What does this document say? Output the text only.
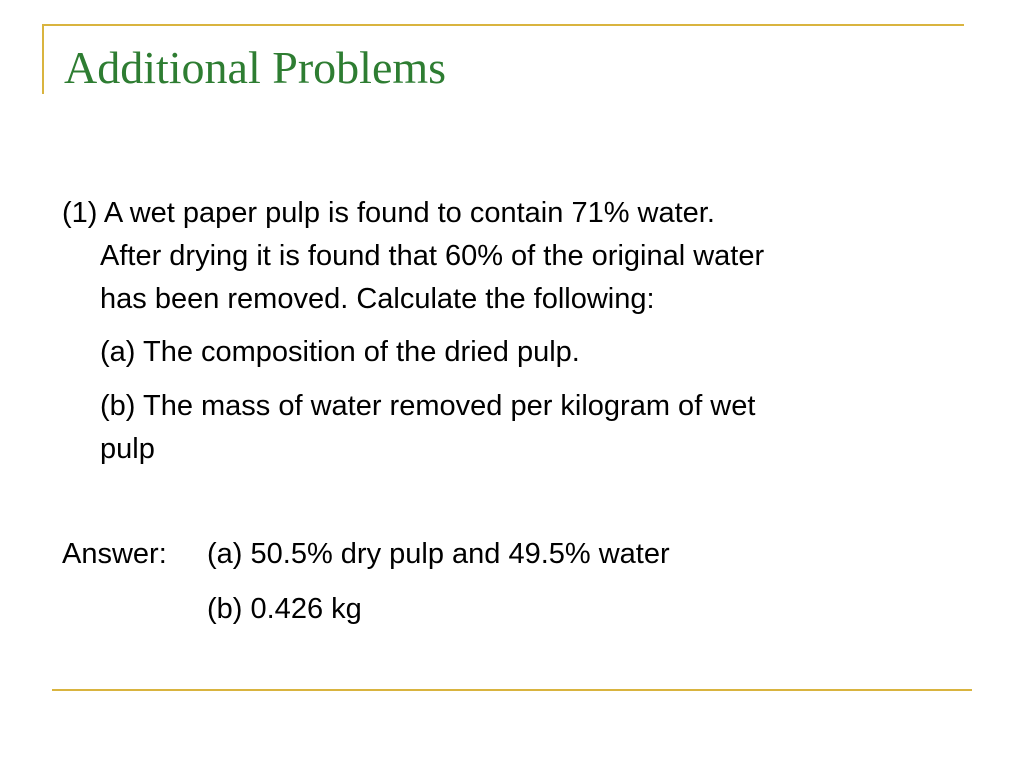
Additional Problems
(1) A wet paper pulp is found to contain 71% water.
After drying it is found that 60% of the original water
has been removed. Calculate the following:

(a) The composition of the dried pulp.

(b) The mass of water removed per kilogram of wet
pulp

Answer: (a) 50.5% dry pulp and 49.5% water

(b) 0.426 kg
